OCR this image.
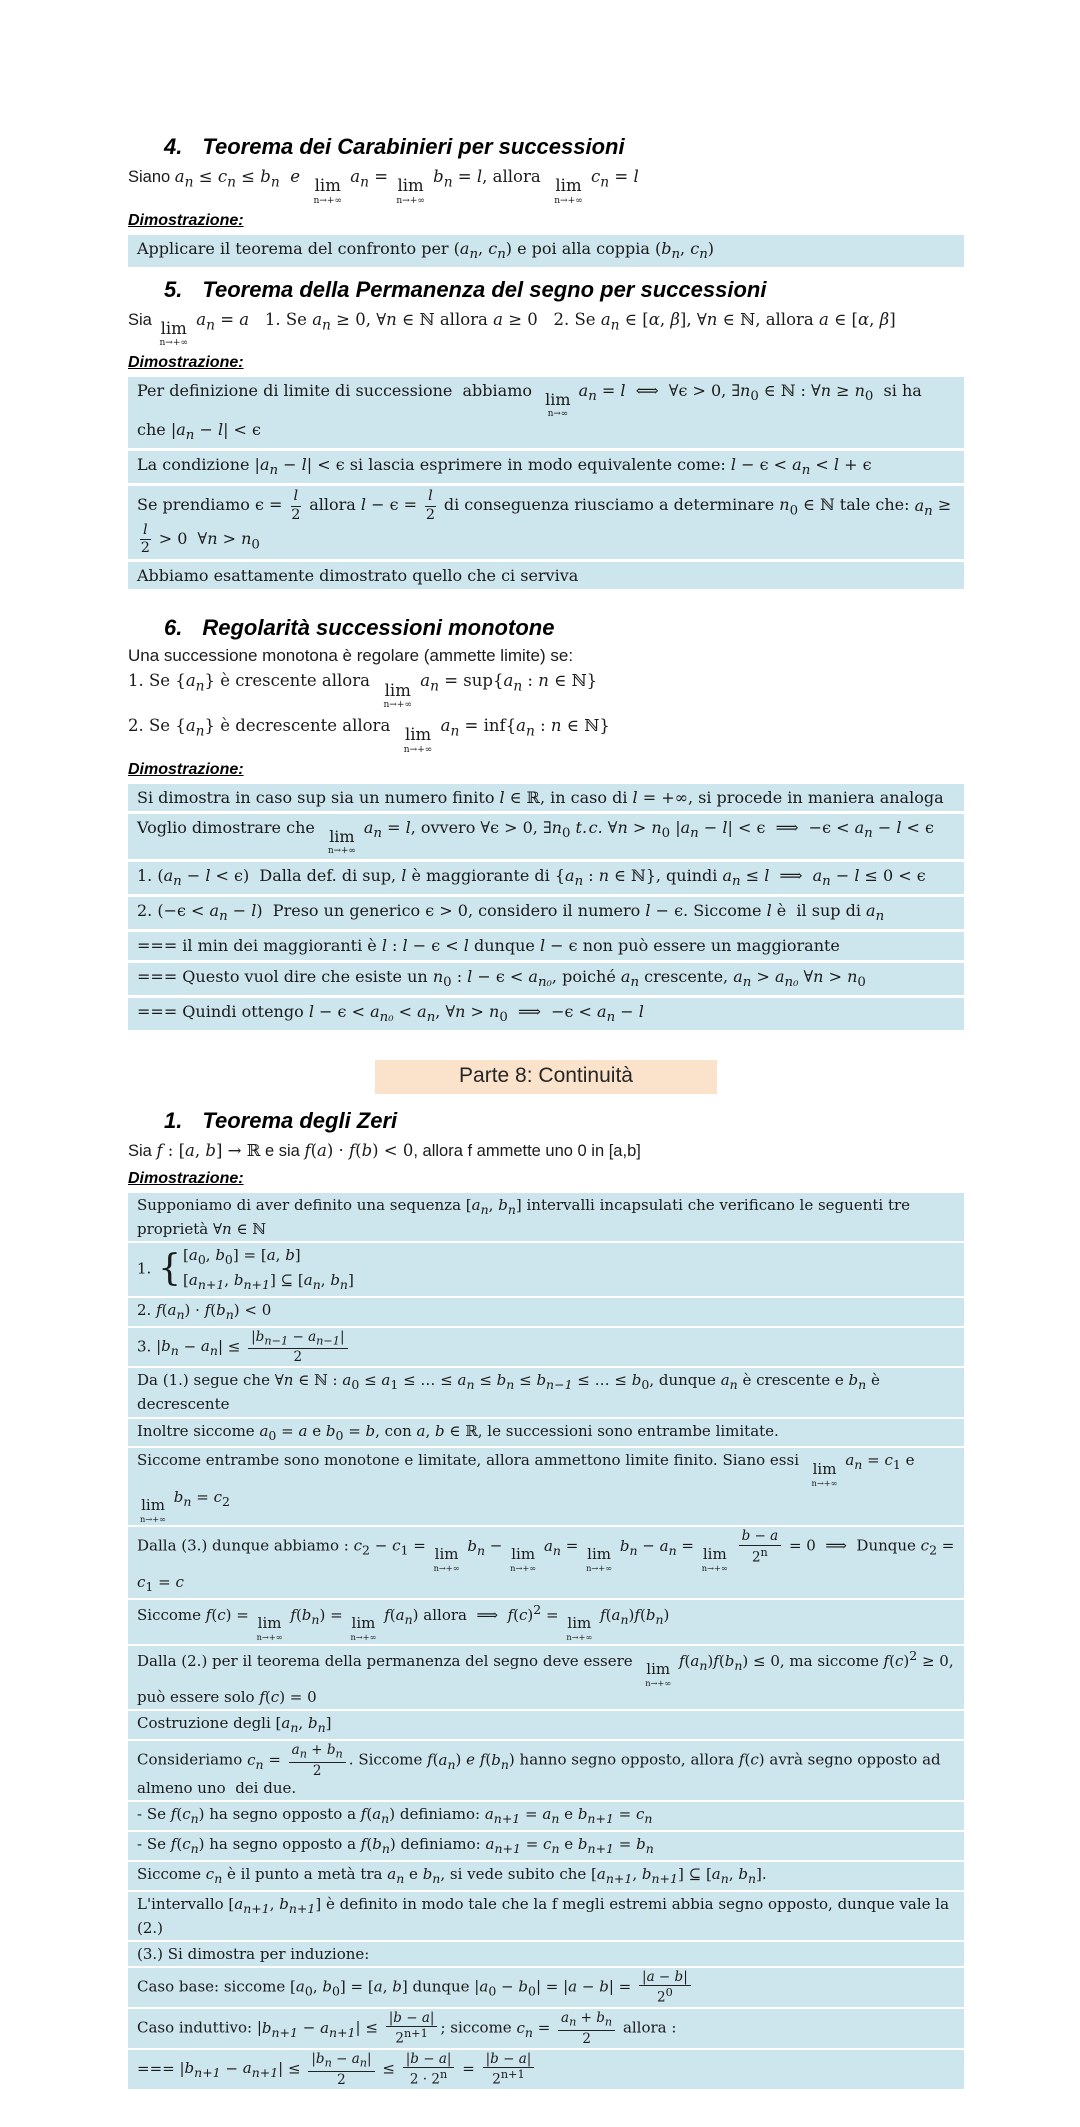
4. Teorema dei Carabinieri per successioni

Siano $a_n \le c_n \le b_n$ e lim
n→+∞
$a_n = \lim$
n→+∞
$b_n = l$, allora lim
n→+∞
$c_n = l$

Dimostrazione:

Applicare il teorema del confronto per ($a_n$, $c_n$) e poi alla coppia ($b_n$, $c_n$)
5. Teorema della Permanenza del segno per successioni

Sia lim
n→+∞
$a_n = a$   1. Se $a_n \ge 0$, ∀n ∈ ℕ allora a ≥ 0   2. Se $a_n$ ∈ [α, β], ∀n ∈ ℕ, allora a ∈ [α, β]

Dimostrazione:

Per definizione di limite di successione  abbiamo lim
n→∞
$a_n = l$  ⟺  ∀ϵ > 0, $\exists n_0$ ∈ ℕ : ∀n ≥ $n_0$  si ha che $|a_n - l| < \epsilon$
La condizione $|a_n - l| < \epsilon$ si lascia esprimere in modo equivalente come: $l - \epsilon < a_n < l + \epsilon$
Se prendiamo $\epsilon = \frac{l}{2}$ allora $l - \epsilon = \frac{l}{2}$ di conseguenza riusciamo a determinare $n_0$ ∈ ℕ tale che: $a_n$ ≥
$\frac{l}{2} > 0$  ∀n > $n_0$
Abbiamo esattamente dimostrato quello che ci serviva
6. Regolarità successioni monotone

Una successione monotona è regolare (ammette limite) se:

1. Se $\{a_n\}$ è crescente allora lim
n→+∞
$a_n = sup\{a_n$ : n ∈ ℕ}

2. Se $\{a_n\}$ è decrescente allora lim
n→+∞
$a_n = inf\{a_n$ : n ∈ ℕ}

Dimostrazione:

Si dimostra in caso sup sia un numero finito l ∈ ℝ, in caso di l = +∞, si procede in maniera analoga
Voglio dimostrare che lim
n→+∞
$a_n = l$, ovvero ∀ϵ > 0, $\exists n_0$ t. c. ∀n > $n_0$ $|a_n - l| < \epsilon$  ⟹  $-\epsilon < a_n - l < \epsilon$
1. $(a_n - l < \epsilon)$  Dalla def. di sup, l è maggiorante di {$a_n$ : n ∈ ℕ}, quindi $a_n \le l$  ⟹  $a_n - l \le 0 < \epsilon$
2. $(-\epsilon < a_n - l)$  Preso un generico ϵ > 0, considero il numero l − ϵ. Siccome l è  il sup di $a_n$
=== il min dei maggioranti è l : l − ϵ < l dunque l − ϵ non può essere un maggiorante
=== Questo vuol dire che esiste un $n_0$ : $l - \epsilon < a_{n_0}$, poiché $a_n$ crescente, $a_n > a_{n_0}$ ∀n > $n_0$
=== Quindi ottengo $l - \epsilon < a_{n_0} < a_n$, ∀n > $n_0$  ⟹  $-\epsilon < a_n - l$
Parte 8: Continuità
1. Teorema degli Zeri

Sia f : [a, b] → ℝ e sia f(a) · f(b) < 0, allora f ammette uno 0 in [a,b]

Dimostrazione:

Supponiamo di aver definito una sequenza [$a_n$, $b_n$] intervalli incapsulati che verificano le seguenti tre proprietà ∀n ∈ ℕ
1. { [$a_0$, $b_0] = [a$, b]
[$a_{n+1}$, $b_{n+1}$] ⊆ [$a_n$, $b_n$]
2. $f(a_n) \cdot f(b_n) < 0$
3. $|b_n - a_n| \le \frac{|b_{n-1} - a_{n-1}|}{2}$
Da (1.) segue che ∀n ∈ ℕ : $a_0 \le a_1$ ≤ … ≤ $a_n \le b_n \le b_{n-1}$ ≤ … ≤ $b_0$, dunque $a_n$ è crescente e $b_n$ è decrescente
Inoltre siccome $a_0 = a$ e $b_0 = b$, con a, b ∈ ℝ, le successioni sono entrambe limitate.
Siccome entrambe sono monotone e limitate, allora ammettono limite finito. Siano essi lim
n→+∞
$a_n = c_1$ e
lim
n→+∞
$b_n = c_2$
Dalla (3.) dunque abbiamo : $c_2 - c_1 = \lim$
n→+∞
$b_n - \lim$
n→+∞
$a_n = \lim$
n→+∞
$b_n - a_n = \lim$
n→+∞

$\frac{b - a}{2^n} = 0$  ⟹  Dunque $c_2 = c_1 = c$
Siccome f(c) = lim
n→+∞
$f(b_n) = \lim$
n→+∞
$f(a_n)$ allora  ⟹  $f(c)^2 = \lim$
n→+∞
$f(a_n)f(b_n)$
Dalla (2.) per il teorema della permanenza del segno deve essere lim
n→+∞
$f(a_n)f(b_n) \le 0$, ma siccome $f(c)^2 \ge 0$, può essere solo f(c) = 0
Costruzione degli [$a_n$, $b_n$]
Consideriamo $c_n = \frac{a_n + b_n}{2}$ . Siccome $f(a_n)$ e $f(b_n)$ hanno segno opposto, allora f(c) avrà segno opposto ad almeno uno  dei due.
- Se $f(c_n)$ ha segno opposto a $f(a_n)$ definiamo: $a_{n+1} = a_n$ e $b_{n+1} = c_n$
- Se $f(c_n)$ ha segno opposto a $f(b_n)$ definiamo: $a_{n+1} = c_n$ e $b_{n+1} = b_n$
Siccome $c_n$ è il punto a metà tra $a_n$ e $b_n$, si vede subito che [$a_{n+1}$, $b_{n+1}$] ⊆ [$a_n$, $b_n$].
L'intervallo [$a_{n+1}$, $b_{n+1}$] è definito in modo tale che la f megli estremi abbia segno opposto, dunque vale la (2.)
(3.) Si dimostra per induzione:
Caso base: siccome [$a_0$, $b_0] = [a$, b] dunque $|a_0 - b_0| = |a - b| = \frac{|a - b|}{2^0}$
Caso induttivo: $|b_{n+1} - a_{n+1}| \le \frac{|b - a|}{2^{n+1}}$ ; siccome $c_n = \frac{a_n + b_n}{2}$ allora :
=== $|b_{n+1} - a_{n+1}| \le \frac{|b_n - a_n|}{2} \le \frac{|b - a|}{2 \cdot 2^n} = \frac{|b - a|}{2^{n+1}}$
